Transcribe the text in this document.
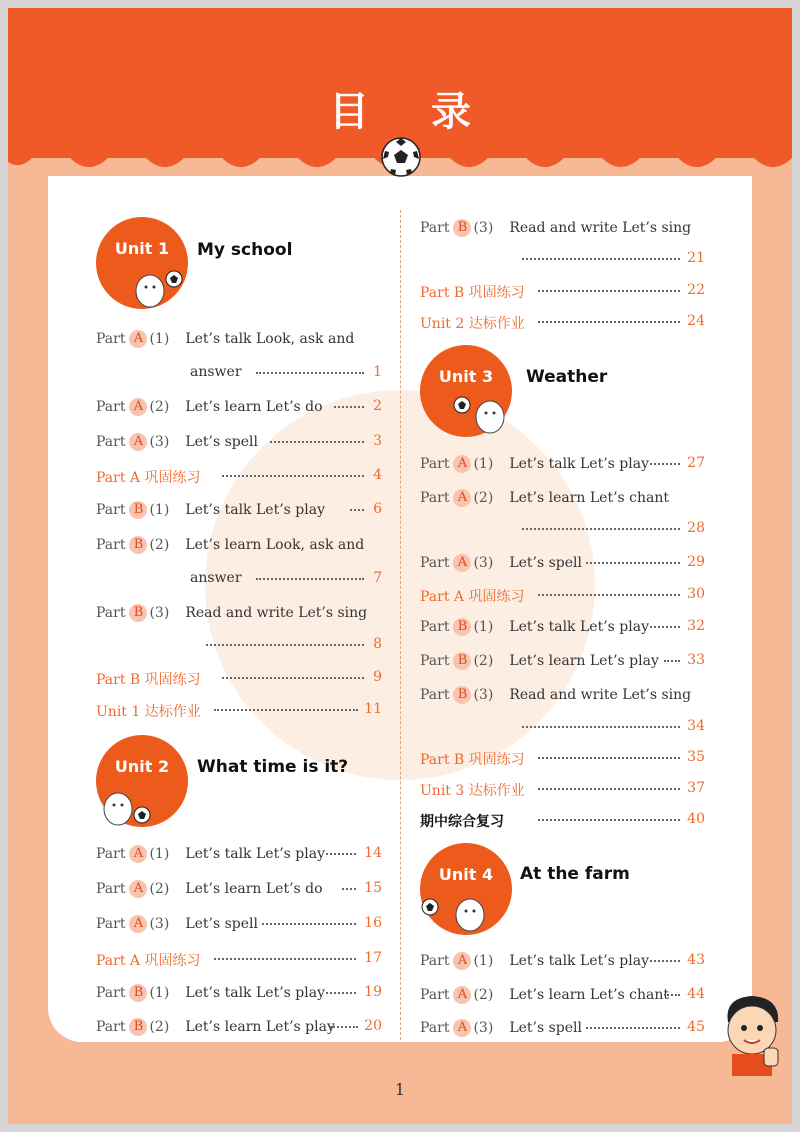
目 录
Unit 1	My school
Unit 2	What time is it?
Unit 3	Weather
Unit 4	At the farm
Part A (1) Let’s talk Look, ask and
answer	1
Part A (2) Let’s learn Let’s do	2
Part A (3) Let’s spell	3
Part A 巩固练习	4
Part B (1) Let’s talk Let’s play	6
Part B (2) Let’s learn Look, ask and
answer	7
Part B (3) Read and write Let’s sing
8
Part B 巩固练习	9
Unit 1 达标作业	11
Part A (1) Let’s talk Let’s play	14
Part A (2) Let’s learn Let’s do	15
Part A (3) Let’s spell	16
Part A 巩固练习	17
Part B (1) Let’s talk Let’s play	19
Part B (2) Let’s learn Let’s play	20
Part B (3) Read and write Let’s sing
21
Part B 巩固练习	22
Unit 2 达标作业	24
Part A (1) Let’s talk Let’s play	27
Part A (2) Let’s learn Let’s chant
28
Part A (3) Let’s spell	29
Part A 巩固练习	30
Part B (1) Let’s talk Let’s play	32
Part B (2) Let’s learn Let’s play	33
Part B (3) Read and write Let’s sing
34
Part B 巩固练习	35
Unit 3 达标作业	37
期中综合复习	40
Part A (1) Let’s talk Let’s play	43
Part A (2) Let’s learn Let’s chant	44
Part A (3) Let’s spell	45
1
